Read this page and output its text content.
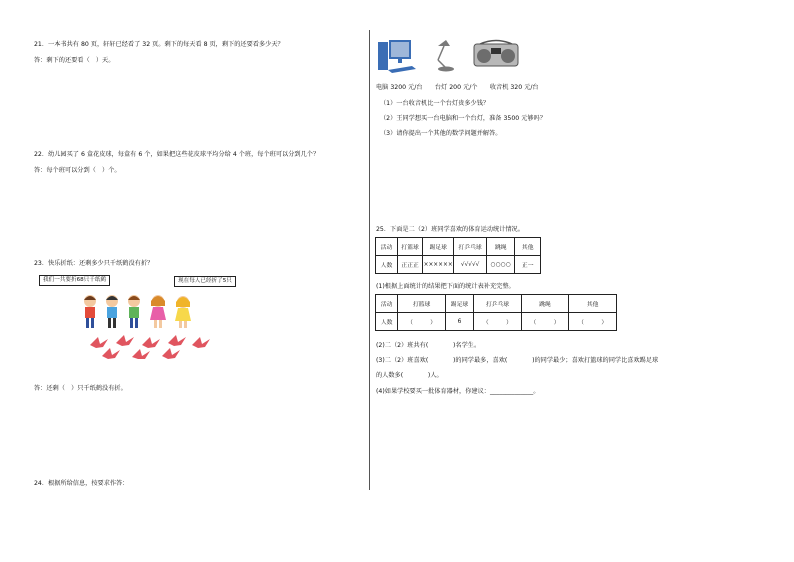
21．一本书共有 80 页，轩轩已经看了 32 页。剩下的每天看 8 页，剩下的还要看多少天？
答：剩下的还要看（　）天。
22．幼儿园买了 6 盒花皮球，每盒有 6 个，如果把这些花皮球平均分给 4 个班，每个班可以分到几个？
答：每个班可以分到（　）个。
23．快乐折纸：还剩多少只千纸鹤没有折？
我们一共要折68只千纸鹤	现在每人已经折了5只
答：还剩（　）只千纸鹤没有折。
24．根据所给信息，按要求作答：
电脑 3200 元/台　　台灯 200 元/个　　收音机 320 元/台
（1）一台收音机比一个台灯贵多少钱？
（2）王同学想买一台电脑和一个台灯，准备 3500 元够吗？
（3）请你提出一个其他的数学问题并解答。
25．下面是二（2）班同学喜欢的体育运动统计情况。
活动	打篮球	踢足球	打乒乓球	跳绳	其他
人数	正正正	××××××	√√√√√	○○○○	正一
(1)根据上面统计的结果把下面的统计表补充完整。
活动	打篮球	踢足球	打乒乓球	跳绳	其他
人数	（　　　）	6	（　　　）	（　　　）	（　　　）
(2)二（2）班共有(　　　　)名学生。
(3)二（2）班喜欢(　　　　)的同学最多，喜欢(　　　　)的同学最少；喜欢打篮球的同学比喜欢踢足球
的人数多(　　　　)人。
(4)如果学校要买一批体育器材，你建议：______________。
